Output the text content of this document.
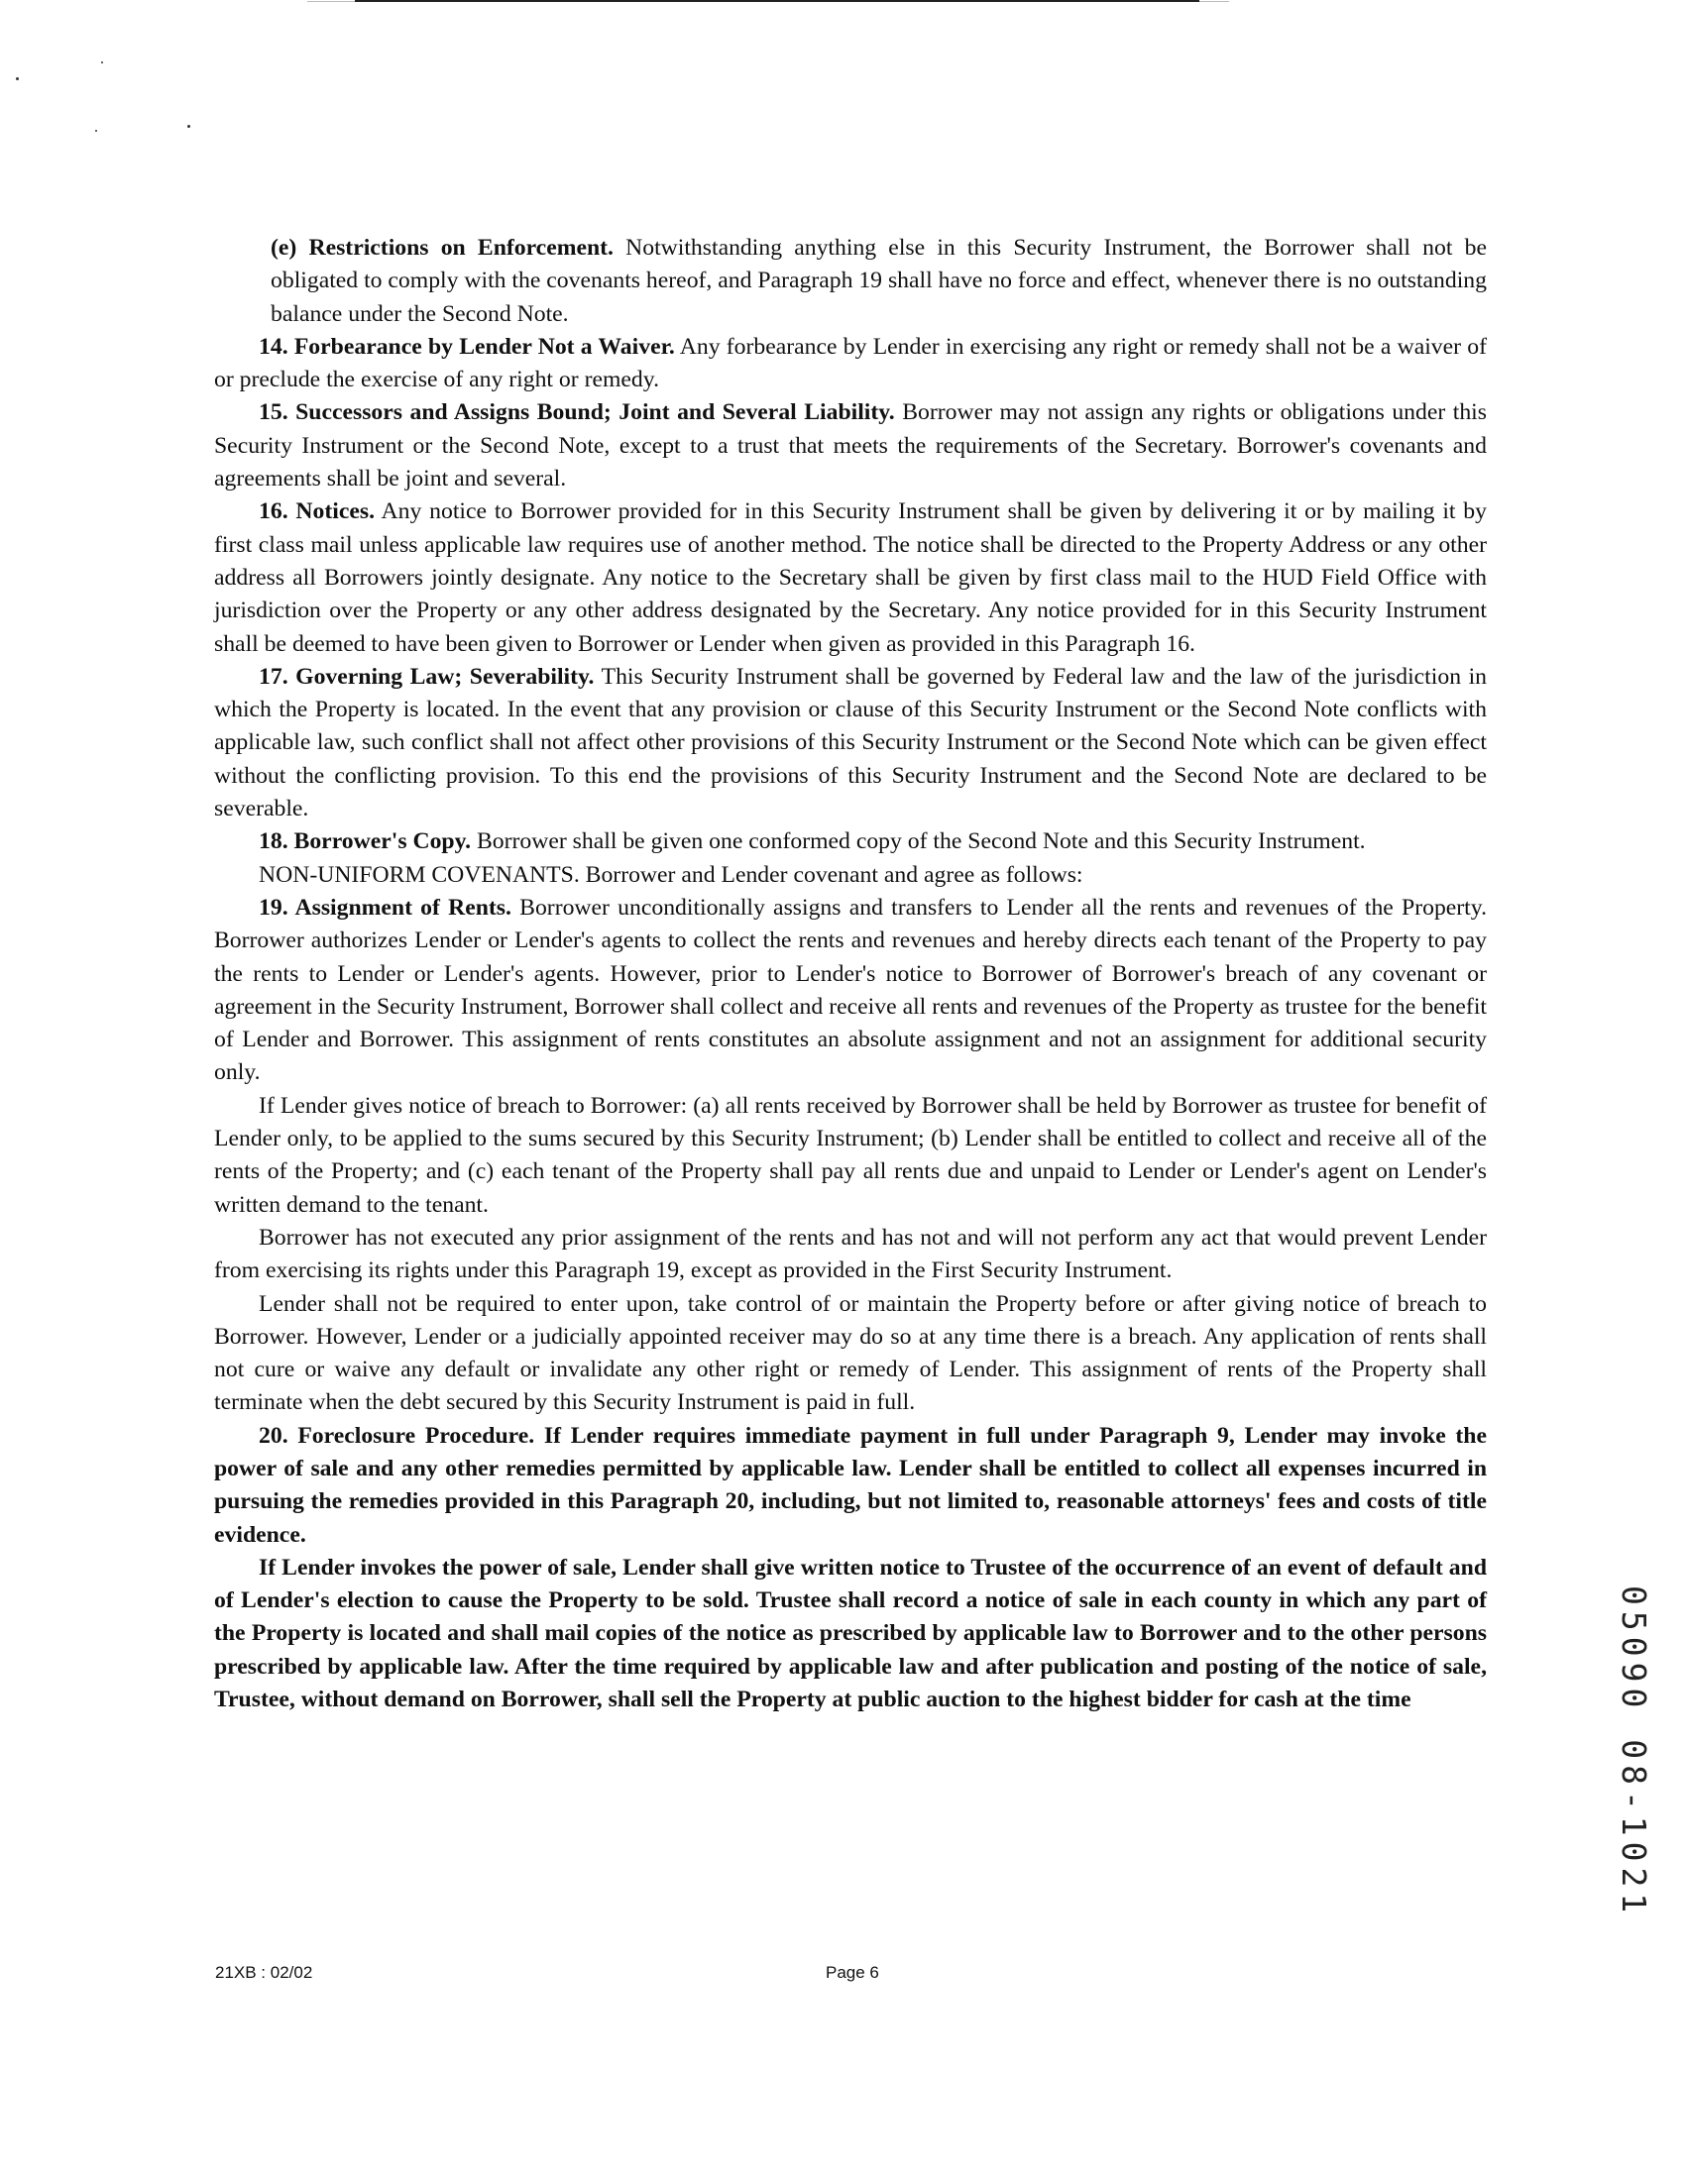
(e) Restrictions on Enforcement. Notwithstanding anything else in this Security Instrument, the Borrower shall not be obligated to comply with the covenants hereof, and Paragraph 19 shall have no force and effect, whenever there is no outstanding balance under the Second Note.

14. Forbearance by Lender Not a Waiver. Any forbearance by Lender in exercising any right or remedy shall not be a waiver of or preclude the exercise of any right or remedy.

15. Successors and Assigns Bound; Joint and Several Liability. Borrower may not assign any rights or obligations under this Security Instrument or the Second Note, except to a trust that meets the requirements of the Secretary. Borrower's covenants and agreements shall be joint and several.

16. Notices. Any notice to Borrower provided for in this Security Instrument shall be given by delivering it or by mailing it by first class mail unless applicable law requires use of another method. The notice shall be directed to the Property Address or any other address all Borrowers jointly designate. Any notice to the Secretary shall be given by first class mail to the HUD Field Office with jurisdiction over the Property or any other address designated by the Secretary. Any notice provided for in this Security Instrument shall be deemed to have been given to Borrower or Lender when given as provided in this Paragraph 16.

17. Governing Law; Severability. This Security Instrument shall be governed by Federal law and the law of the jurisdiction in which the Property is located. In the event that any provision or clause of this Security Instrument or the Second Note conflicts with applicable law, such conflict shall not affect other provisions of this Security Instrument or the Second Note which can be given effect without the conflicting provision. To this end the provisions of this Security Instrument and the Second Note are declared to be severable.

18. Borrower's Copy. Borrower shall be given one conformed copy of the Second Note and this Security Instrument.

NON-UNIFORM COVENANTS. Borrower and Lender covenant and agree as follows:

19. Assignment of Rents. Borrower unconditionally assigns and transfers to Lender all the rents and revenues of the Property. Borrower authorizes Lender or Lender's agents to collect the rents and revenues and hereby directs each tenant of the Property to pay the rents to Lender or Lender's agents. However, prior to Lender's notice to Borrower of Borrower's breach of any covenant or agreement in the Security Instrument, Borrower shall collect and receive all rents and revenues of the Property as trustee for the benefit of Lender and Borrower. This assignment of rents constitutes an absolute assignment and not an assignment for additional security only.

If Lender gives notice of breach to Borrower: (a) all rents received by Borrower shall be held by Borrower as trustee for benefit of Lender only, to be applied to the sums secured by this Security Instrument; (b) Lender shall be entitled to collect and receive all of the rents of the Property; and (c) each tenant of the Property shall pay all rents due and unpaid to Lender or Lender's agent on Lender's written demand to the tenant.

Borrower has not executed any prior assignment of the rents and has not and will not perform any act that would prevent Lender from exercising its rights under this Paragraph 19, except as provided in the First Security Instrument.

Lender shall not be required to enter upon, take control of or maintain the Property before or after giving notice of breach to Borrower. However, Lender or a judicially appointed receiver may do so at any time there is a breach. Any application of rents shall not cure or waive any default or invalidate any other right or remedy of Lender. This assignment of rents of the Property shall terminate when the debt secured by this Security Instrument is paid in full.

20. Foreclosure Procedure. If Lender requires immediate payment in full under Paragraph 9, Lender may invoke the power of sale and any other remedies permitted by applicable law. Lender shall be entitled to collect all expenses incurred in pursuing the remedies provided in this Paragraph 20, including, but not limited to, reasonable attorneys' fees and costs of title evidence.

If Lender invokes the power of sale, Lender shall give written notice to Trustee of the occurrence of an event of default and of Lender's election to cause the Property to be sold. Trustee shall record a notice of sale in each county in which any part of the Property is located and shall mail copies of the notice as prescribed by applicable law to Borrower and to the other persons prescribed by applicable law. After the time required by applicable law and after publication and posting of the notice of sale, Trustee, without demand on Borrower, shall sell the Property at public auction to the highest bidder for cash at the time

21XB : 02/02	Page 6
05090 08-1021
